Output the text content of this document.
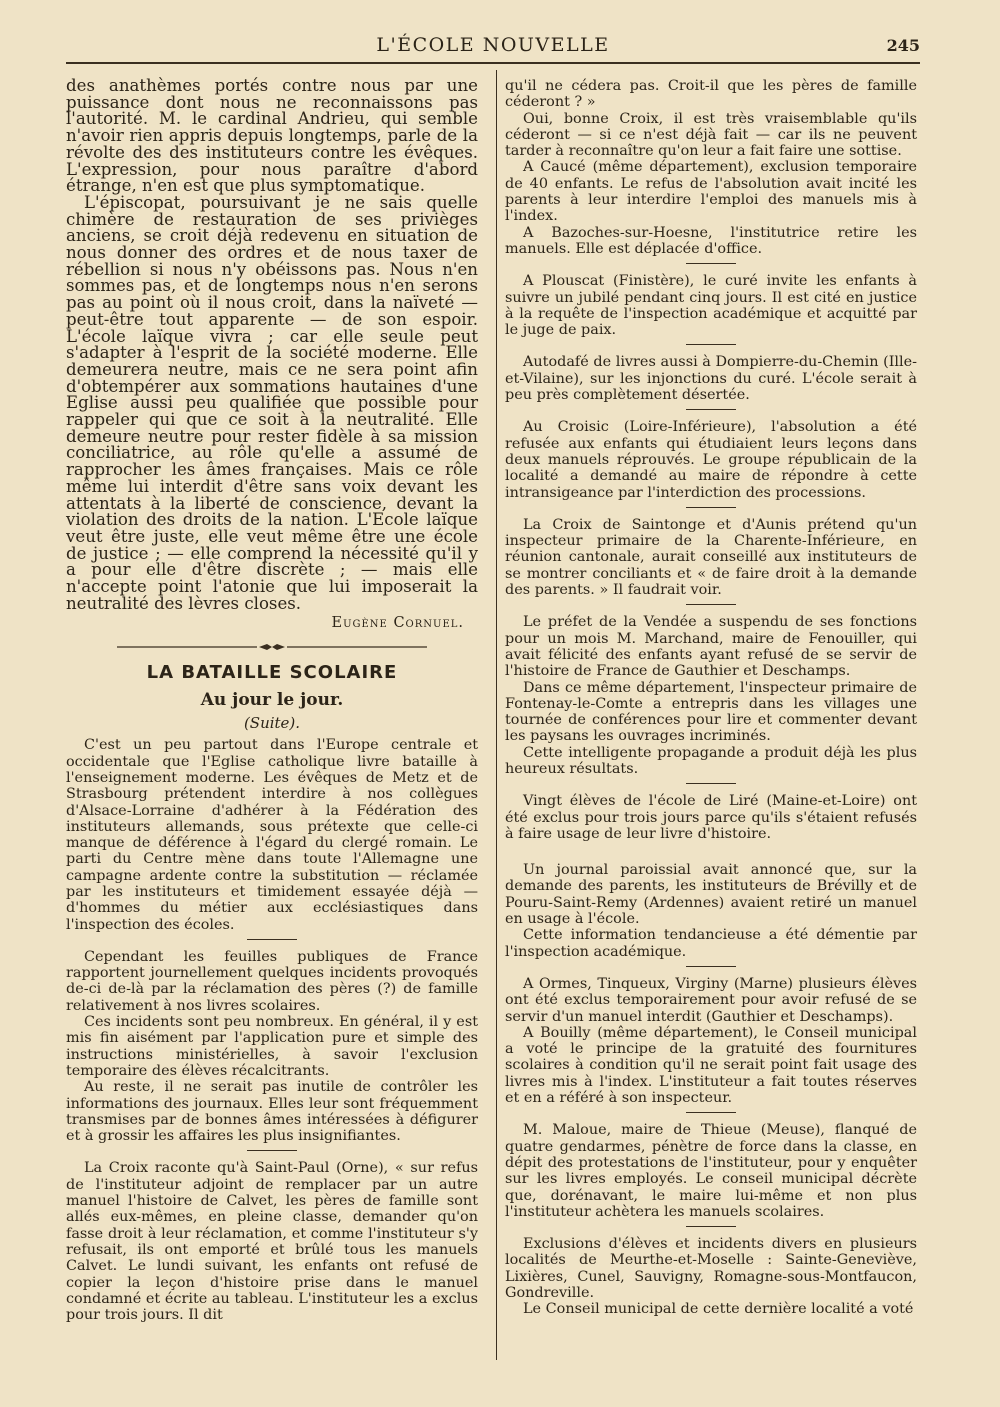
L'ÉCOLE NOUVELLE	245

des anathèmes portés contre nous par une puissance dont nous ne reconnaissons pas l'autorité. M. le cardinal Andrieu, qui semble n'avoir rien appris depuis longtemps, parle de la révolte des des instituteurs contre les évêques. L'expression, pour nous paraître d'abord étrange, n'en est que plus symptomatique.

L'épiscopat, poursuivant je ne sais quelle chimère de restauration de ses privièges anciens, se croit déjà redevenu en situation de nous donner des ordres et de nous taxer de rébellion si nous n'y obéissons pas. Nous n'en sommes pas, et de longtemps nous n'en serons pas au point où il nous croit, dans la naïveté — peut-être tout apparente — de son espoir. L'école laïque vivra ; car elle seule peut s'adapter à l'esprit de la société moderne. Elle demeurera neutre, mais ce ne sera point afin d'obtempérer aux sommations hautaines d'une Eglise aussi peu qualifiée que possible pour rappeler qui que ce soit à la neutralité. Elle demeure neutre pour rester fidèle à sa mission conciliatrice, au rôle qu'elle a assumé de rapprocher les âmes françaises. Mais ce rôle même lui interdit d'être sans voix devant les attentats à la liberté de conscience, devant la violation des droits de la nation. L'Ecole laïque veut être juste, elle veut même être une école de justice ; — elle comprend la nécessité qu'il y a pour elle d'être discrète ; — mais elle n'accepte point l'atonie que lui imposerait la neutralité des lèvres closes.

Eugène Cornuel.
LA BATAILLE SCOLAIRE
Au jour le jour.
(Suite).

C'est un peu partout dans l'Europe centrale et occidentale que l'Eglise catholique livre bataille à l'enseignement moderne. Les évêques de Metz et de Strasbourg prétendent interdire à nos collègues d'Alsace-Lorraine d'adhérer à la Fédération des instituteurs allemands, sous prétexte que celle-ci manque de déférence à l'égard du clergé romain. Le parti du Centre mène dans toute l'Allemagne une campagne ardente contre la substitution — réclamée par les instituteurs et timidement essayée déjà — d'hommes du métier aux ecclésiastiques dans l'inspection des écoles.

Cependant les feuilles publiques de France rapportent journellement quelques incidents provoqués de-ci de-là par la réclamation des pères (?) de famille relativement à nos livres scolaires.

Ces incidents sont peu nombreux. En général, il y est mis fin aisément par l'application pure et simple des instructions ministérielles, à savoir l'exclusion temporaire des élèves récalcitrants.

Au reste, il ne serait pas inutile de contrôler les informations des journaux. Elles leur sont fréquemment transmises par de bonnes âmes intéressées à défigurer et à grossir les affaires les plus insignifiantes.

La Croix raconte qu'à Saint-Paul (Orne), « sur refus de l'instituteur adjoint de remplacer par un autre manuel l'histoire de Calvet, les pères de famille sont allés eux-mêmes, en pleine classe, demander qu'on fasse droit à leur réclamation, et comme l'instituteur s'y refusait, ils ont emporté et brûlé tous les manuels Calvet. Le lundi suivant, les enfants ont refusé de copier la leçon d'histoire prise dans le manuel condamné et écrite au tableau. L'instituteur les a exclus pour trois jours. Il dit

qu'il ne cédera pas. Croit-il que les pères de famille céderont ? »

Oui, bonne Croix, il est très vraisemblable qu'ils céderont — si ce n'est déjà fait — car ils ne peuvent tarder à reconnaître qu'on leur a fait faire une sottise.

A Caucé (même département), exclusion temporaire de 40 enfants. Le refus de l'absolution avait incité les parents à leur interdire l'emploi des manuels mis à l'index.

A Bazoches-sur-Hoesne, l'institutrice retire les manuels. Elle est déplacée d'office.

A Plouscat (Finistère), le curé invite les enfants à suivre un jubilé pendant cinq jours. Il est cité en justice à la requête de l'inspection académique et acquitté par le juge de paix.

Autodafé de livres aussi à Dompierre-du-Chemin (Ille-et-Vilaine), sur les injonctions du curé. L'école serait à peu près complètement désertée.

Au Croisic (Loire-Inférieure), l'absolution a été refusée aux enfants qui étudiaient leurs leçons dans deux manuels réprouvés. Le groupe républicain de la localité a demandé au maire de répondre à cette intransigeance par l'interdiction des processions.

La Croix de Saintonge et d'Aunis prétend qu'un inspecteur primaire de la Charente-Inférieure, en réunion cantonale, aurait conseillé aux instituteurs de se montrer conciliants et « de faire droit à la demande des parents. » Il faudrait voir.

Le préfet de la Vendée a suspendu de ses fonctions pour un mois M. Marchand, maire de Fenouiller, qui avait félicité des enfants ayant refusé de se servir de l'histoire de France de Gauthier et Deschamps.

Dans ce même département, l'inspecteur primaire de Fontenay-le-Comte a entrepris dans les villages une tournée de conférences pour lire et commenter devant les paysans les ouvrages incriminés.

Cette intelligente propagande a produit déjà les plus heureux résultats.

Vingt élèves de l'école de Liré (Maine-et-Loire) ont été exclus pour trois jours parce qu'ils s'étaient refusés à faire usage de leur livre d'histoire.

Un journal paroissial avait annoncé que, sur la demande des parents, les instituteurs de Brévilly et de Pouru-Saint-Remy (Ardennes) avaient retiré un manuel en usage à l'école.

Cette information tendancieuse a été démentie par l'inspection académique.

A Ormes, Tinqueux, Virginy (Marne) plusieurs élèves ont été exclus temporairement pour avoir refusé de se servir d'un manuel interdit (Gauthier et Deschamps).

A Bouilly (même département), le Conseil municipal a voté le principe de la gratuité des fournitures scolaires à condition qu'il ne serait point fait usage des livres mis à l'index. L'instituteur a fait toutes réserves et en a référé à son inspecteur.

M. Maloue, maire de Thieue (Meuse), flanqué de quatre gendarmes, pénètre de force dans la classe, en dépit des protestations de l'instituteur, pour y enquêter sur les livres employés. Le conseil municipal décrète que, dorénavant, le maire lui-même et non plus l'instituteur achètera les manuels scolaires.

Exclusions d'élèves et incidents divers en plusieurs localités de Meurthe-et-Moselle : Sainte-Geneviève, Lixières, Cunel, Sauvigny, Romagne-sous-Montfaucon, Gondreville.

Le Conseil municipal de cette dernière localité a voté
